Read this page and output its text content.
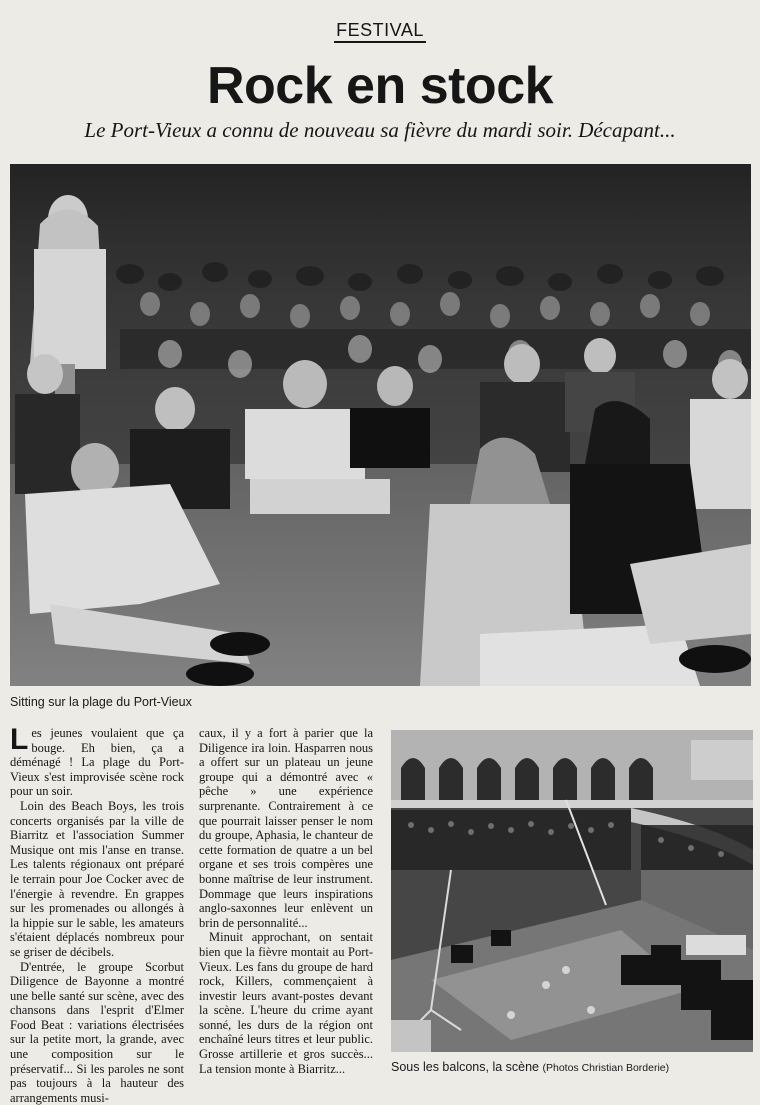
FESTIVAL
Rock en stock
Le Port-Vieux a connu de nouveau sa fièvre du mardi soir. Décapant...
Sitting sur la plage du Port-Vieux

Les jeunes voulaient que ça bouge. Eh bien, ça a déménagé ! La plage du Port-Vieux s'est improvisée scène rock pour un soir.

Loin des Beach Boys, les trois concerts organisés par la ville de Biarritz et l'association Summer Musique ont mis l'anse en transe. Les talents régionaux ont préparé le terrain pour Joe Cocker avec de l'énergie à revendre. En grappes sur les promenades ou allongés à la hippie sur le sable, les amateurs s'étaient déplacés nombreux pour se griser de décibels.

D'entrée, le groupe Scorbut Diligence de Bayonne a montré une belle santé sur scène, avec des chansons dans l'esprit d'Elmer Food Beat : variations électrisées sur la petite mort, la grande, avec une composition sur le préservatif... Si les paroles ne sont pas toujours à la hauteur des arrangements musi-

caux, il y a fort à parier que la Diligence ira loin. Hasparren nous a offert sur un plateau un jeune groupe qui a démontré avec « pêche » une expérience surprenante. Contrairement à ce que pourrait laisser penser le nom du groupe, Aphasia, le chanteur de cette formation de quatre a un bel organe et ses trois compères une bonne maîtrise de leur instrument. Dommage que leurs inspirations anglo-saxonnes leur enlèvent un brin de personnalité...

Minuit approchant, on sentait bien que la fièvre montait au Port-Vieux. Les fans du groupe de hard rock, Killers, commençaient à investir leurs avant-postes devant la scène. L'heure du crime ayant sonné, les durs de la région ont enchaîné leurs titres et leur public. Grosse artillerie et gros succès... La tension monte à Biarritz...	Sous les balcons, la scène (Photos Christian Borderie)
